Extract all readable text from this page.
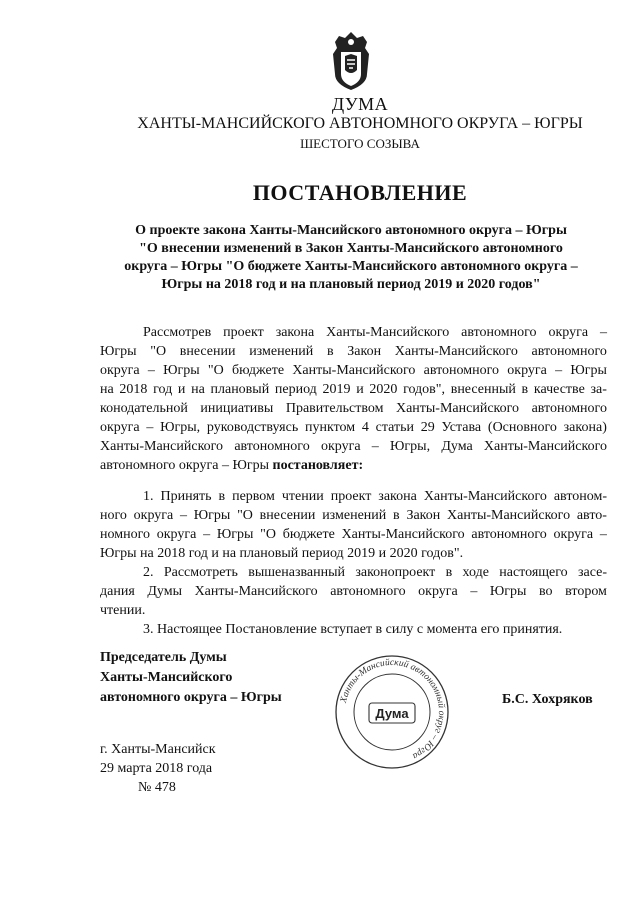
ДУМА
ХАНТЫ-МАНСИЙСКОГО АВТОНОМНОГО ОКРУГА – ЮГРЫ
ШЕСТОГО СОЗЫВА
ПОСТАНОВЛЕНИЕ
О проекте закона Ханты-Мансийского автономного округа – Югры
"О внесении изменений в Закон Ханты-Мансийского автономного
округа – Югры "О бюджете Ханты-Мансийского автономного округа –
Югры на 2018 год и на плановый период 2019 и 2020 годов"
Рассмотрев проект закона Ханты-Мансийского автономного округа –
Югры "О внесении изменений в Закон Ханты-Мансийского автономного
округа – Югры "О бюджете Ханты-Мансийского автономного округа – Югры
на 2018 год и на плановый период 2019 и 2020 годов", внесенный в качестве за-
конодательной инициативы Правительством Ханты-Мансийского автономного
округа – Югры, руководствуясь пунктом 4 статьи 29 Устава (Основного закона)
Ханты-Мансийского автономного округа – Югры, Дума Ханты-Мансийского
автономного округа – Югры
постановляет:
1. Принять в первом чтении проект закона Ханты-Мансийского автоном-
ного округа – Югры "О внесении изменений в Закон Ханты-Мансийского авто-
номного округа – Югры "О бюджете Ханты-Мансийского автономного округа –
Югры на 2018 год и на плановый период 2019 и 2020 годов".
2. Рассмотреть вышеназванный законопроект в ходе настоящего засе-
дания Думы Ханты-Мансийского автономного округа – Югры во втором
чтении.
3. Настоящее Постановление вступает в силу с момента его принятия.
Председатель Думы
Ханты-Мансийского
автономного округа – Югры	Б.С. Хохряков
Ханты-Мансийский автономный округ – Югра
Дума
г. Ханты-Мансийск
29 марта 2018 года
№ 478
